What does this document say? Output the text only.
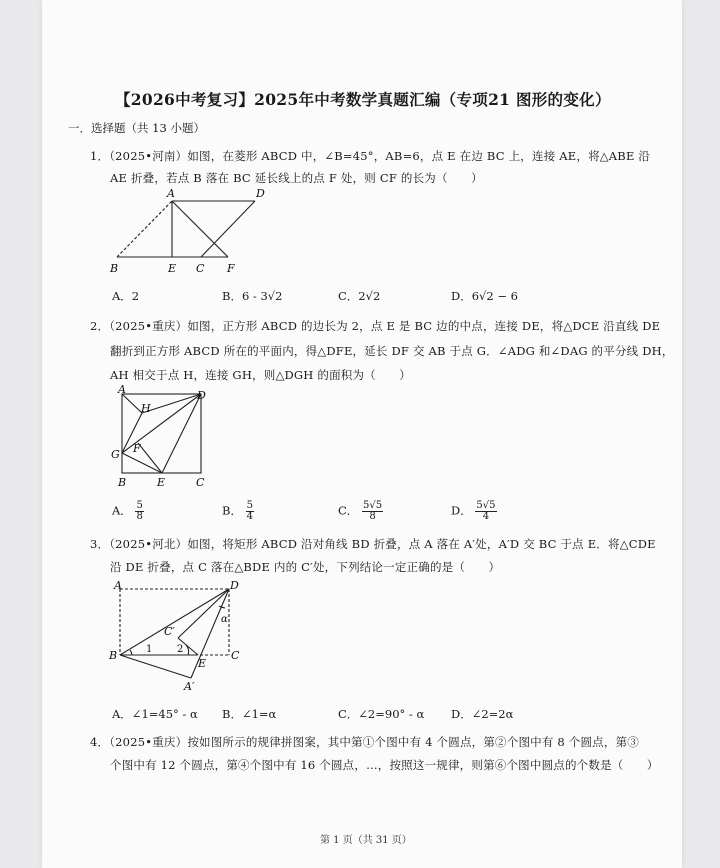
【2026中考复习】2025年中考数学真题汇编（专项21 图形的变化）
一．选择题（共 13 小题）
1．（2025•河南）如图，在菱形 ABCD 中，∠B=45°，AB=6，点 E 在边 BC 上，连接 AE，将△ABE 沿
AE 折叠，若点 B 落在 BC 延长线上的点 F 处，则 CF 的长为（　　）
A	D
B	E C F
A．2	B．6 - 3√2	C．2√2	D．6√2 − 6
2．（2025•重庆）如图，正方形 ABCD 的边长为 2，点 E 是 BC 边的中点，连接 DE，将△DCE 沿直线 DE
翻折到正方形 ABCD 所在的平面内，得△DFE，延长 DF 交 AB 于点 G．∠ADG 和∠DAG 的平分线 DH，
AH 相交于点 H，连接 GH，则△DGH 的面积为（　　）
A	D
H
G F
B	E	C
A． $\frac{5}{8}$	B． $\frac{5}{4}$	C． $\frac{5√5}{8}$	D． $\frac{5√5}{4}$
3．（2025•河北）如图，将矩形 ABCD 沿对角线 BD 折叠，点 A 落在 A′处，A′D 交 BC 于点 E．将△CDE
沿 DE 折叠，点 C 落在△BDE 内的 C′处，下列结论一定正确的是（　　）
A	D
B	C
C′
E
A′
1 2
α
A．∠1=45° - α B．∠1=α	C．∠2=90° - α D．∠2=2α
4．（2025•重庆）按如图所示的规律拼图案，其中第①个图中有 4 个圆点，第②个图中有 8 个圆点，第③
个图中有 12 个圆点，第④个图中有 16 个圆点，…，按照这一规律，则第⑥个图中圆点的个数是（　　）
第 1 页（共 31 页）
